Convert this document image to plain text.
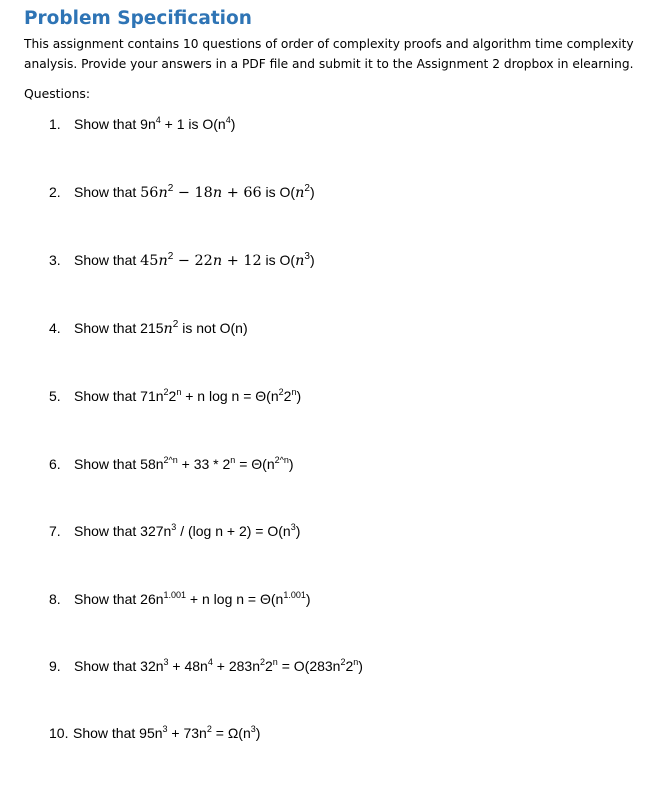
Problem Specification
This assignment contains 10 questions of order of complexity proofs and algorithm time complexity analysis. Provide your answers in a PDF file and submit it to the Assignment 2 dropbox in elearning.
Questions:
1. Show that $9n^4 + 1$ is $O(n^4)$
2. Show that $56n^2 - 18n + 66$ is $O(n^2)$
3. Show that $45n^2 - 22n + 12$ is $O(n^3)$
4. Show that $215n^2$ is not O(n)
5. Show that $71n^22^n + n$ $\log n = \Theta(n^22^n)$
6. Show that $58n^{2\^{}n} + 33 * 2^n = \Theta(n^{2\^{}n})$
7. Show that $327n^3 / (\log$ $n + 2) = O(n^3)$
8. Show that $26n^{1.001} + n$ $\log n = \Theta(n^{1.001})$
9. Show that $32n^3 + 48n^4 + 283n^22^n = O(283n^22^n)$
10. Show that $95n^3 + 73n^2 = \Omega(n^3)$
